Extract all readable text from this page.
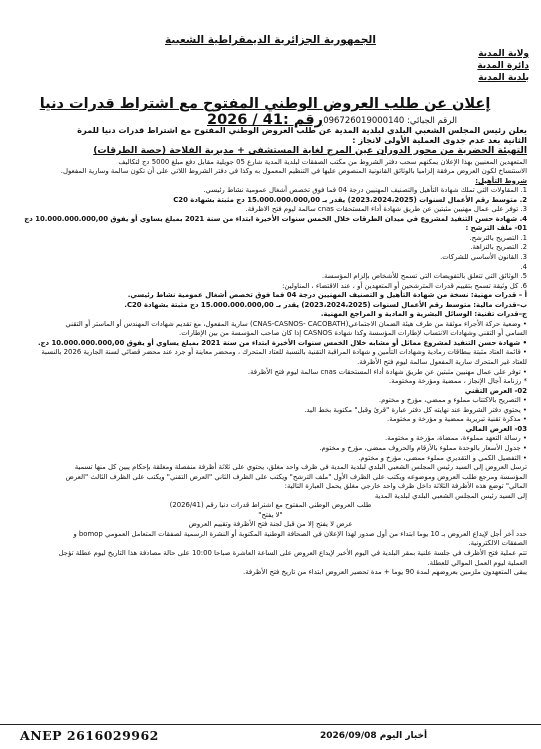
الجمهورية الجزائرية الديمقراطية الشعبية
ولاية المدية
دائرة المدية
بلدية المدية
إعلان عن طلب العروض الوطني المفتوح مع اشتراط قدرات دنيا رقم :41 / 2026 الرقم الجبائي: 096726019000140

يعلن رئيس المجلس الشعبي البلدي لبلدية المدية عن طلب العروض الوطني المفتوح مع اشتراط قدرات دنيا للمرة

الثانية بعد عدم جدوى العملية الأولى لانجاز :

التهيئة الحضرية من محور الدوران عين المرج لغاية المستشفى + مديرية الفلاحة (حصة الطرقات)

المتعهدين المعنيين بهذا الإعلان يمكنهم سحب دفتر الشروط من مكتب الصفقات لبلدية المدية شارع 05 جويلية مقابل دفع مبلغ 5000 دج لتكاليف

الاستنساخ لكون العروض مرفقة إلزاميا بالوثائق القانونية المنصوص عليها في التنظيم المعمول به وكذا في دفتر الشروط اللاتي على أن تكون سالمة وسارية المفعول.

شروط التأهيل:

1. المقاولات التي تملك شهادة التأهيل والتصنيف المهنيين درجة 04 فما فوق تخصص أشغال عمومية نشاط رئيسي.

2. متوسط رقم الأعمال لسنوات (2023،2024،2025) يقدر بـ 15.000.000.000,00 دج مثبتة بشهادة C20

3. توفر على عمال مهنيين مثبتين عن طريق شهادة أداء المستحقات cnas سالمة ليوم فتح الاظرفة.

4. شهادة حسن التنفيذ لمشروع في ميدان الطرقات خلال الخمس سنوات الأخيرة ابتداء من سنة 2021 بمبلغ يساوي أو يفوق 10.000.000.000,00 دج

01- ملف الترشح :

1. التصريح بالترشح.

2. التصريح بالنزاهة.

3. القانون الأساسي للشركات.

4.

5. الوثائق التي تتعلق بالتفويضات التي تسمح للأشخاص بإلزام المؤسسة.

6. كل وثيقة تسمح بتقييم قدرات المترشحين أو المتعهدين أو ، عند الاقتضاء ، المناولين:

أ – قدرات مهنية: نسخة من شهادة التأهيل و التصنيف المهنيين درجة 04 فما فوق تخصص أشغال عمومية نشاط رئيسي.

ب–قدرات مالية: متوسط رقم الأعمال لسنوات (2023،2024،2025) يقدر بـ 15.000.000.000,00 دج مثبتة بشهادة C20.

ج–قدرات تقنية: الوسائل البشرية و المادية و المراجع المهنية.

• وضعية حركة الأجراء موثقة من طرف هيئة الضمان الاجتماعي(CNAS-CASNOS- CACOBATH) سارية المفعول، مع تقديم شهادات المهندس أو الماستر أو التقني

السامي أو التقني وشهادات الانتساب لإطارات المؤسسة وكذا شهادة CASNOS إذا كان صاحب المؤسسة من بين الإطارات.

• شهادة حسن التنفيذ لمشروع مماثل أو مشابه خلال الخمس سنوات الأخيرة ابتداء من سنة 2021 بمبلغ يساوي أو يفوق 10.000.000.000,00 دج.

• قائمة العتاد مثبتة ببطاقات رمادية وشهادات التأمين و شهادة المراقبة التقنية بالنسبة للعتاد المتحرك ، ومحضر معاينة أو جرد عند محضر قضائي لسنة الجارية 2026 بالنسبة

للعتاد غير المتحرك سارية المفعول سالمة ليوم فتح الأظرفة.

• توفر على عمال مهنيين مثبتين عن طريق شهادة أداء المستحقات cnas سالمة ليوم فتح الأظرفة.

* رزنامة آجال الإنجاز ، ممضية ومؤرخة ومختومة.

02- العرض التقني

• التصريح بالاكتتاب مملوء و ممضي، مؤرخ و مختوم.

• يحتوي دفتر الشروط عند نهايته كل دفتر عبارة "قرئ وقبل" مكتوبة بخط اليد.

• مذكرة تقنية تبريرية ممضية و مؤرخة و مختومة.

03- العرض المالي

• رسالة التعهد مملوءة، ممضاة، مؤرخة و مختومة.

• جدول الأسعار بالوحدة مملوء بالأرقام والحروف ممضى، مؤرخ و مختوم.

• التفصيل الكمي و التقديري مملوء ممضى، مؤرخ و مختوم.

ترسل العروض إلى السيد رئيس المجلس الشعبي البلدي لبلدية المدية في ظرف واحد مغلق، يحتوي على ثلاثة أظرفة منفصلة ومغلقة بإحكام يبين كل منها تسمية

المؤسسة ومرجع طلب العروض وموضوعه ويكتب على الظرف الأول "ملف الترشح" ويكتب على الظرف الثاني "العرض التقني" ويكتب على الظرف الثالث "العرض

المالي" توضع هذه الأظرفة الثلاثة داخل ظرف واحد خارجي مغلق يحمل العبارة التالية:

إلى السيد رئيس المجلس الشعبي البلدي لبلدية المدية

طلب العروض الوطني المفتوح مع اشتراط قدرات دنيا رقم (2026/41)

"لا يفتح"

عرض لا يفتح إلا من قبل لجنة فتح الأظرفة وتقييم العروض

حدد آخر أجل لإيداع العروض بـ 10 يوما ابتداء من أول صدور لهذا الإعلان في الصحافة الوطنية المكتوبة أو النشرة الرسمية لصفقات المتعامل العمومي bomop و

الصفقات الالكترونية.

تتم عملية فتح الأظرف في جلسة علنية بمقر البلدية في اليوم الأخير لإيداع العروض على الساعة العاشرة صباحا 10:00 على حالة مصادفة هذا التاريخ ليوم عطلة تؤجل

العملية ليوم العمل الموالي للعطلة.

يبقى المتعهدون ملزمين بعروضهم لمدة 90 يوما + مدة تحضير العروض ابتداء من تاريخ فتح الأظرفة.

ANEP 2616029962	أخبار اليوم 2026/09/08
